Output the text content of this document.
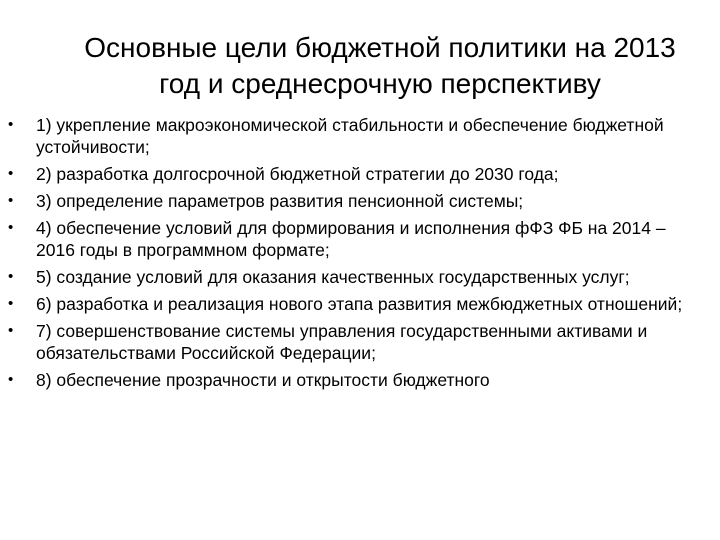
Основные цели бюджетной политики на 2013
год и среднесрочную перспективу
•	1) укрепление макроэкономической стабильности и обеспечение бюджетной устойчивости;
•	2) разработка долгосрочной бюджетной стратегии до 2030 года;
•	3) определение параметров развития пенсионной системы;
•	4) обеспечение условий для формирования и исполнения фФЗ ФБ на 2014 – 2016 годы в программном формате;
•	5) создание условий для оказания качественных государственных услуг;
•	6) разработка и реализация нового этапа развития межбюджетных отношений;
•	7) совершенствование системы управления государственными активами и обязательствами Российской Федерации;
•	8) обеспечение прозрачности и открытости бюджетного
